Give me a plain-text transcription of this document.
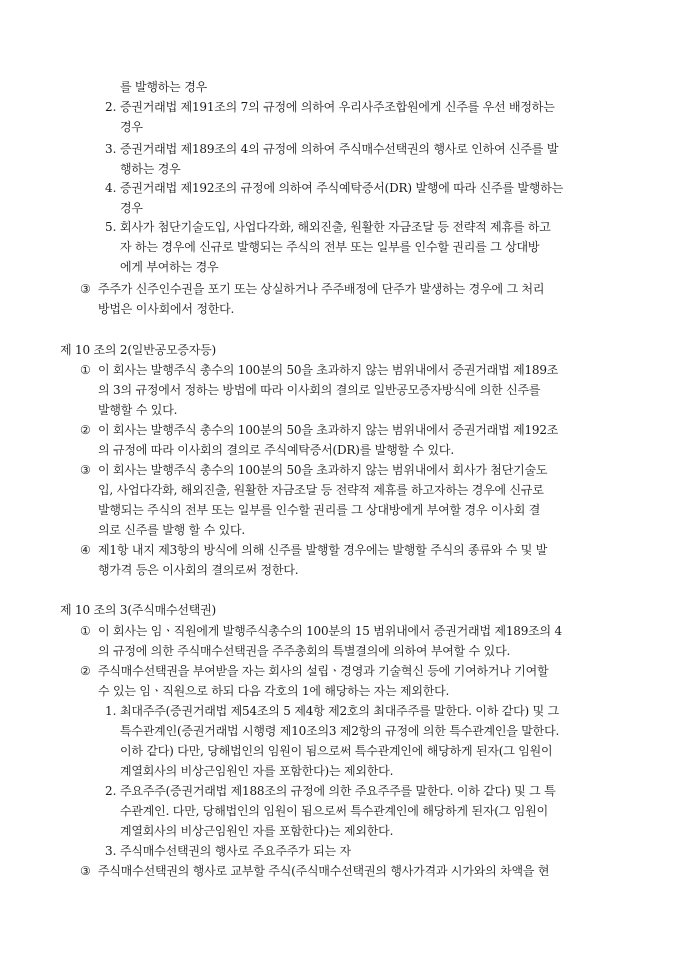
를 발행하는 경우
2. 증권거래법 제191조의 7의 규정에 의하여 우리사주조합원에게 신주를 우선 배정하는
경우
3. 증권거래법 제189조의 4의 규정에 의하여 주식매수선택권의 행사로 인하여 신주를 발
행하는 경우
4. 증권거래법 제192조의 규정에 의하여 주식예탁증서(DR) 발행에 따라 신주를 발행하는
경우
5. 회사가 첨단기술도입, 사업다각화, 해외진출, 원활한 자금조달 등 전략적 제휴를 하고
자 하는 경우에 신규로 발행되는 주식의 전부 또는 일부를 인수할 권리를 그 상대방
에게 부여하는 경우
③ 주주가 신주인수권을 포기 또는 상실하거나 주주배정에 단주가 발생하는 경우에 그 처리
방법은 이사회에서 정한다.
제 10 조의 2(일반공모증자등)
① 이 회사는 발행주식 총수의 100분의 50을 초과하지 않는 범위내에서 증권거래법 제189조
의 3의 규정에서 정하는 방법에 따라 이사회의 결의로 일반공모증자방식에 의한 신주를
발행할 수 있다.
② 이 회사는 발행주식 총수의 100분의 50을 초과하지 않는 범위내에서 증권거래법 제192조
의 규정에 따라 이사회의 결의로 주식예탁증서(DR)를 발행할 수 있다.
③ 이 회사는 발행주식 총수의 100분의 50을 초과하지 않는 범위내에서 회사가 첨단기술도
입, 사업다각화, 해외진출, 원활한 자금조달 등 전략적 제휴를 하고자하는 경우에 신규로
발행되는 주식의 전부 또는 일부를 인수할 권리를 그 상대방에게 부여할 경우 이사회 결
의로 신주를 발행 할 수 있다.
④ 제1항 내지 제3항의 방식에 의해 신주를 발행할 경우에는 발행할 주식의 종류와 수 및 발
행가격 등은 이사회의 결의로써 정한다.
제 10 조의 3(주식매수선택권)
① 이 회사는 임ㆍ직원에게 발행주식총수의 100분의 15 범위내에서 증권거래법 제189조의 4
의 규정에 의한 주식매수선택권을 주주총회의 특별결의에 의하여 부여할 수 있다.
② 주식매수선택권을 부여받을 자는 회사의 설립ㆍ경영과 기술혁신 등에 기여하거나 기여할
수 있는 임ㆍ직원으로 하되 다음 각호의 1에 해당하는 자는 제외한다.
1. 최대주주(증권거래법 제54조의 5 제4항 제2호의 최대주주를 말한다. 이하 같다) 및 그
특수관계인(증권거래법 시행령 제10조의3 제2항의 규정에 의한 특수관계인을 말한다.
이하 같다) 다만, 당해법인의 임원이 됨으로써 특수관계인에 해당하게 된자(그 임원이
계열회사의 비상근임원인 자를 포함한다)는 제외한다.
2. 주요주주(증권거래법 제188조의 규정에 의한 주요주주를 말한다. 이하 같다) 및 그 특
수관계인. 다만, 당해법인의 임원이 됨으로써 특수관계인에 해당하게 된자(그 임원이
계열회사의 비상근임원인 자를 포함한다)는 제외한다.
3. 주식매수선택권의 행사로 주요주주가 되는 자
③ 주식매수선택권의 행사로 교부할 주식(주식매수선택권의 행사가격과 시가와의 차액을 현
